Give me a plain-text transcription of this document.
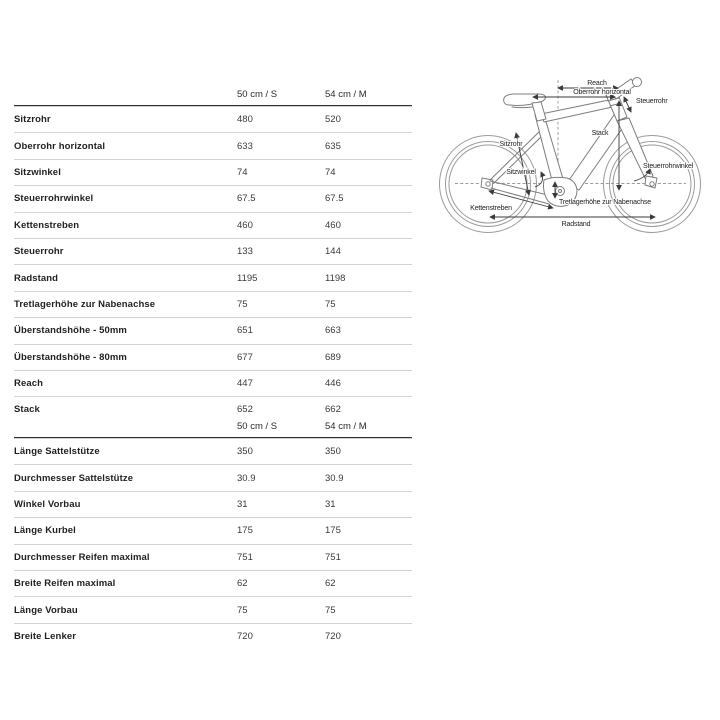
50 cm / S	54 cm / M
Sitzrohr	480	520
Oberrohr horizontal	633	635
Sitzwinkel	74	74
Steuerrohrwinkel	67.5	67.5
Kettenstreben	460	460
Steuerrohr	133	144
Radstand	1195	1198
Tretlagerhöhe zur Nabenachse	75	75
Überstandshöhe - 50mm	651	663
Überstandshöhe - 80mm	677	689
Reach	447	446
Stack	652	662
50 cm / S	54 cm / M
Länge Sattelstütze	350	350
Durchmesser Sattelstütze	30.9	30.9
Winkel Vorbau	31	31
Länge Kurbel	175	175
Durchmesser Reifen maximal	751	751
Breite Reifen maximal	62	62
Länge Vorbau	75	75
Breite Lenker	720	720
Reach
Oberrohr horizontal
Steuerrohr
Stack
Sitzrohr
Sitzwinkel
Steuerrohrwinkel
Kettenstreben
Tretlagerhöhe zur Nabenachse
Radstand
